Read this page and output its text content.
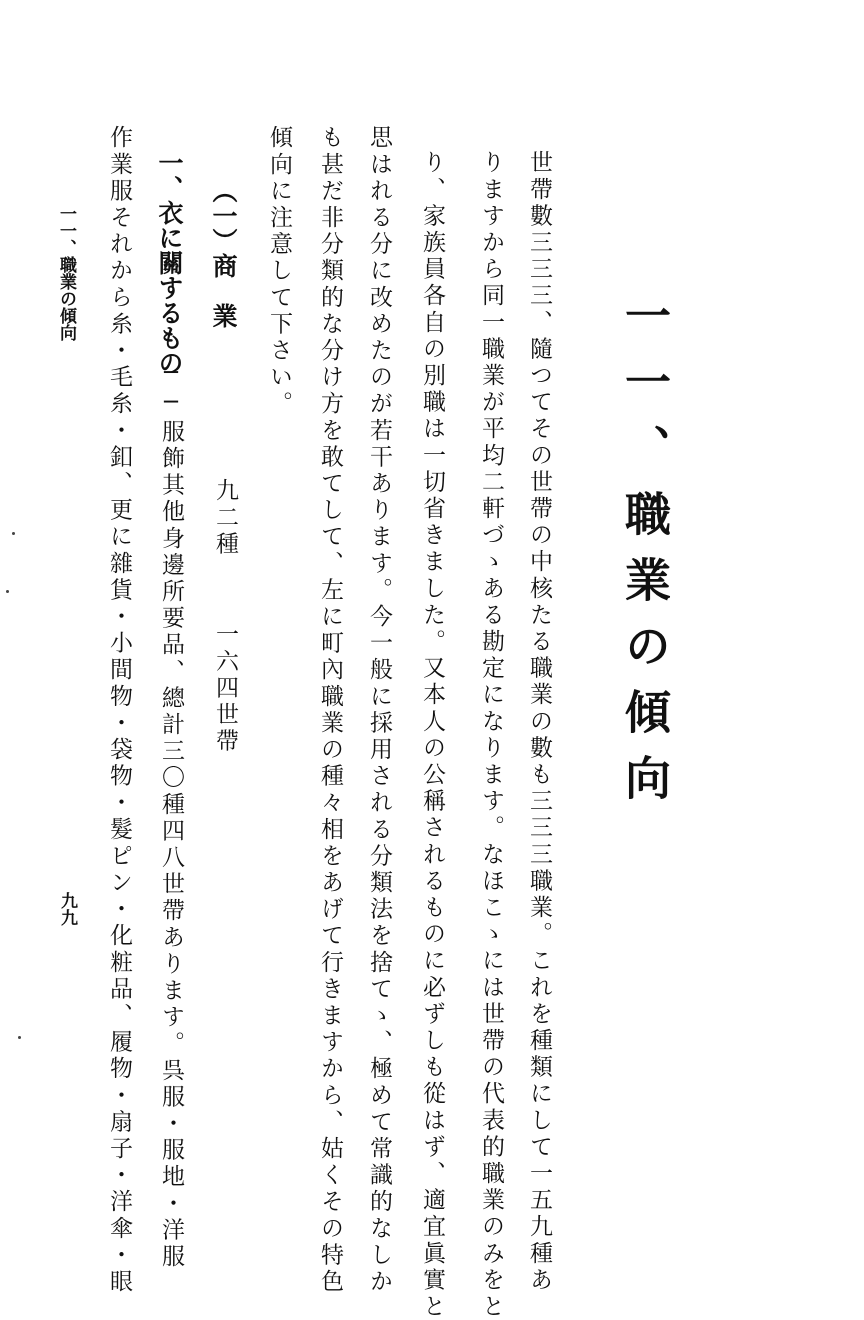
一一、職業の傾向
世帶數三三三、隨つてその世帶の中核たる職業の數も三三三職業。これを種類にして一五九種あ
りますから同一職業が平均二軒づゝある勘定になります。なほこゝには世帶の代表的職業のみをと
り、家族員各自の別職は一切省きました。又本人の公稱されるものに必ずしも從はず、適宜眞實と
思はれる分に改めたのが若干あります。今一般に採用される分類法を捨てゝ、極めて常識的なしか
も甚だ非分類的な分け方を敢てして、左に町內職業の種々相をあげて行きますから、姑くその特色
傾向に注意して下さい。
（一）商　業
九二種
一六四世帶
一、衣に關するもの
──服飾其他身邊所要品、總計三〇種四八世帶あります。呉服・服地・洋服
作業服それから糸・毛糸・釦、更に雜貨・小間物・袋物・髮ピン・化粧品、履物・扇子・洋傘・眼
一一、職業の傾向
九九
